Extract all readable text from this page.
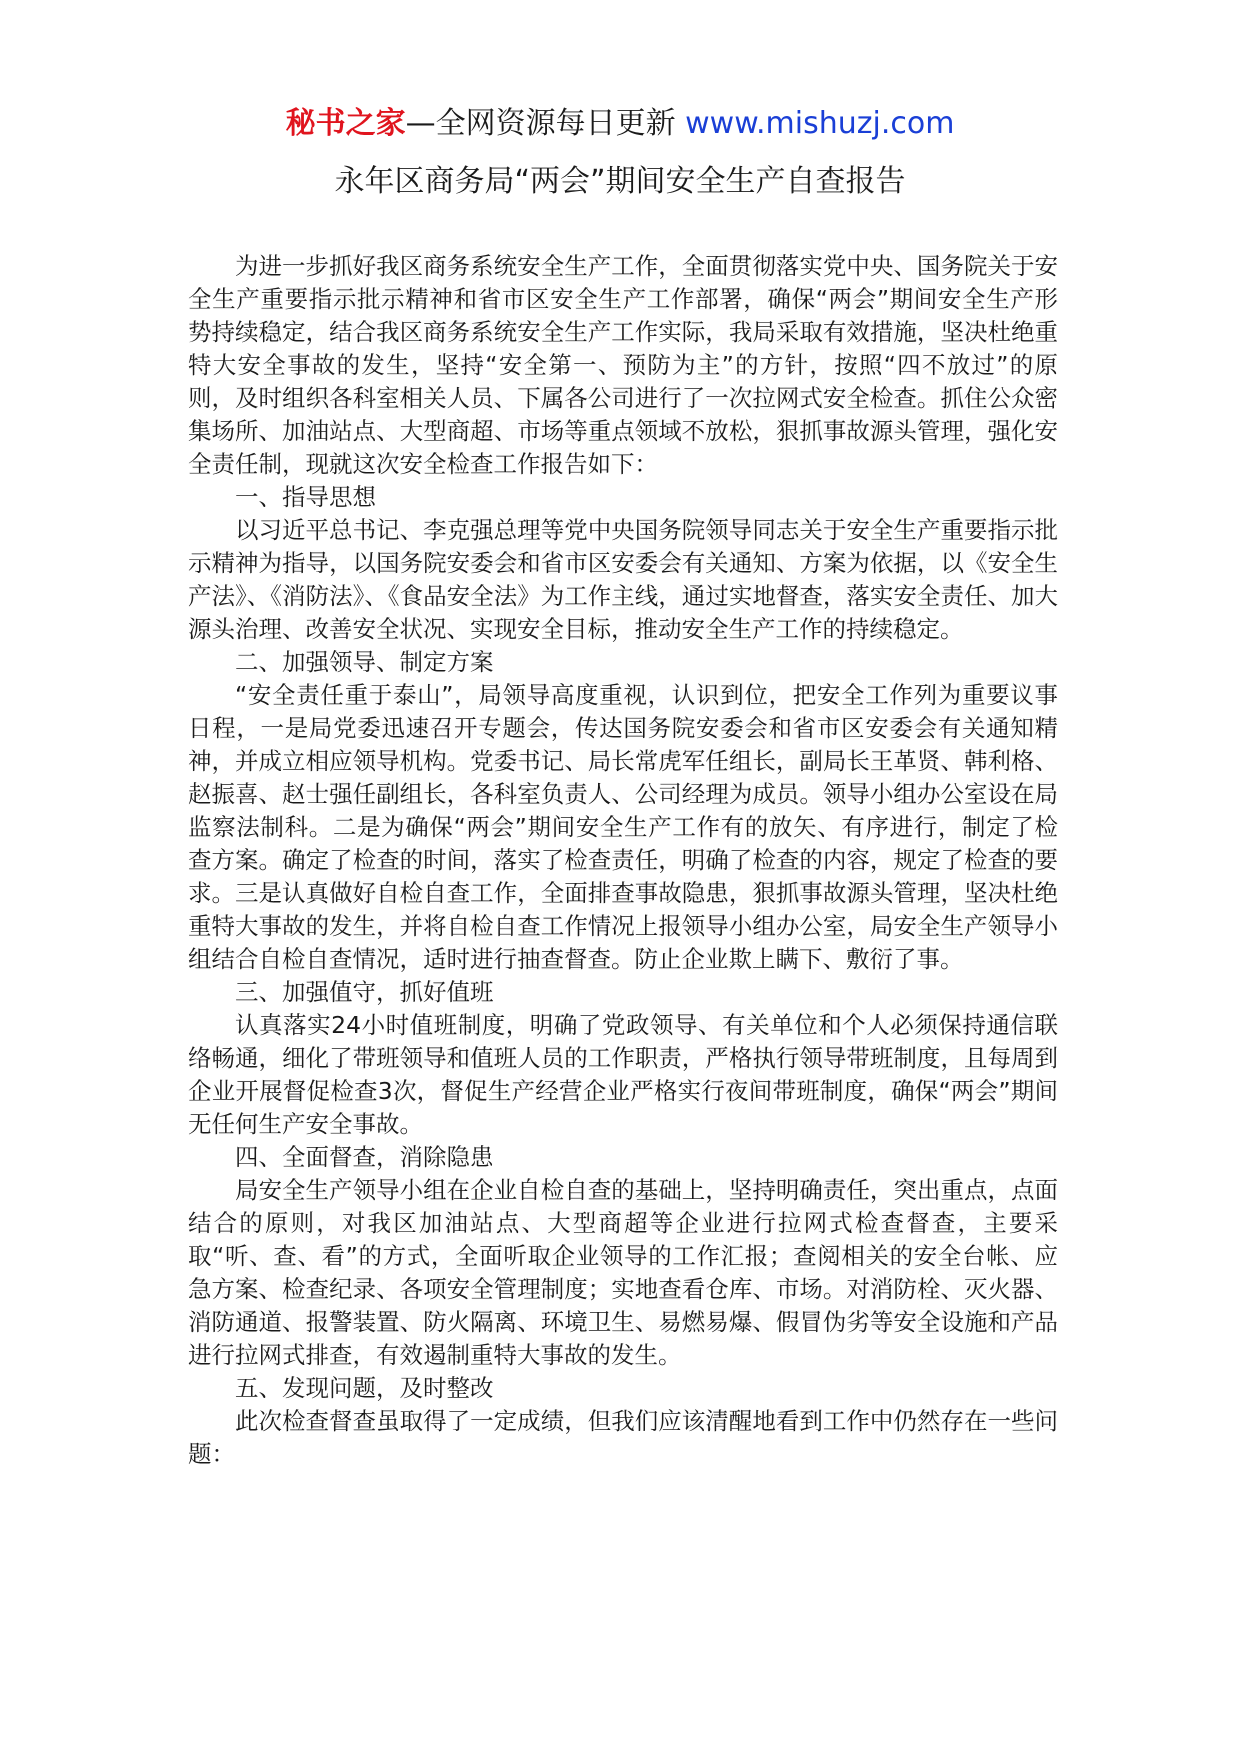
秘书之家—全网资源每日更新 www.mishuzj.com
永年区商务局“两会”期间安全生产自查报告

为进一步抓好我区商务系统安全生产工作，全面贯彻落实党中央、国务院关于安全生产重要指示批示精神和省市区安全生产工作部署，确保“两会”期间安全生产形势持续稳定，结合我区商务系统安全生产工作实际，我局采取有效措施，坚决杜绝重特大安全事故的发生，坚持“安全第一、预防为主”的方针，按照“四不放过”的原则，及时组织各科室相关人员、下属各公司进行了一次拉网式安全检查。抓住公众密集场所、加油站点、大型商超、市场等重点领域不放松，狠抓事故源头管理，强化安全责任制，现就这次安全检查工作报告如下：

一、指导思想

以习近平总书记、李克强总理等党中央国务院领导同志关于安全生产重要指示批示精神为指导，以国务院安委会和省市区安委会有关通知、方案为依据，以《安全生产法》、《消防法》、《食品安全法》为工作主线，通过实地督查，落实安全责任、加大源头治理、改善安全状况、实现安全目标，推动安全生产工作的持续稳定。

二、加强领导、制定方案

“安全责任重于泰山”，局领导高度重视，认识到位，把安全工作列为重要议事日程，一是局党委迅速召开专题会，传达国务院安委会和省市区安委会有关通知精神，并成立相应领导机构。党委书记、局长常虎军任组长，副局长王革贤、韩利格、赵振喜、赵士强任副组长，各科室负责人、公司经理为成员。领导小组办公室设在局监察法制科。二是为确保“两会”期间安全生产工作有的放矢、有序进行，制定了检查方案。确定了检查的时间，落实了检查责任，明确了检查的内容，规定了检查的要求。三是认真做好自检自查工作，全面排查事故隐患，狠抓事故源头管理，坚决杜绝重特大事故的发生，并将自检自查工作情况上报领导小组办公室，局安全生产领导小组结合自检自查情况，适时进行抽查督查。防止企业欺上瞒下、敷衍了事。

三、加强值守，抓好值班

认真落实24小时值班制度，明确了党政领导、有关单位和个人必须保持通信联络畅通，细化了带班领导和值班人员的工作职责，严格执行领导带班制度，且每周到企业开展督促检查3次，督促生产经营企业严格实行夜间带班制度，确保“两会”期间无任何生产安全事故。

四、全面督查，消除隐患

局安全生产领导小组在企业自检自查的基础上，坚持明确责任，突出重点，点面结合的原则，对我区加油站点、大型商超等企业进行拉网式检查督查，主要采取“听、查、看”的方式，全面听取企业领导的工作汇报；查阅相关的安全台帐、应急方案、检查纪录、各项安全管理制度；实地查看仓库、市场。对消防栓、灭火器、消防通道、报警装置、防火隔离、环境卫生、易燃易爆、假冒伪劣等安全设施和产品进行拉网式排查，有效遏制重特大事故的发生。

五、发现问题，及时整改

此次检查督查虽取得了一定成绩，但我们应该清醒地看到工作中仍然存在一些问题：
